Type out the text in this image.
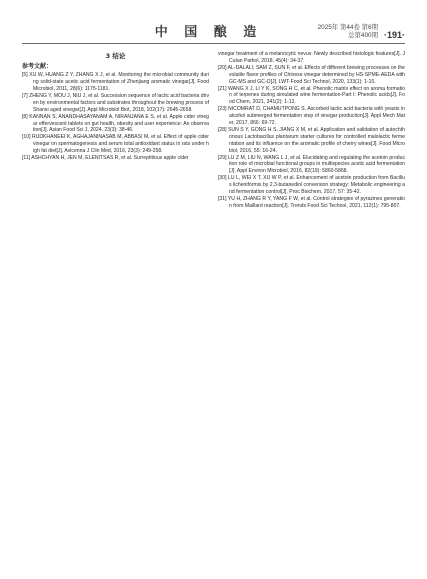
中 国 酿 造	2025年 第44卷 第6期
总第400期 ·191·

3 结论

参考文献：
[5] XU W, HUANG Z Y, ZHANG X J, et al. Monitoring the microbial community during solid-state acetic acid fermentation of Zhenjiang aromatic vinegar[J]. Food Microbiol, 2011, 28(6): 1175-1181.
[7] ZHENG Y, MOU J, NIU J, et al. Succession sequence of lactic acid bacteria driven by environmental factors and substrates throughout the brewing process of Shanxi aged vinegar[J]. Appl Microbiol Biot, 2018, 102(17): 2645-2658.
[8] KANNAN S, ANANDHASAYANAM A, NIRANJANA E S, et al. Apple cider vinegar effervescent tablets on gut health, obesity and user experience: An observation[J]. Asian Food Sci J, 2024, 23(3): 38-46.
[10] RUDKHANEEI K, AGHAJANINASAB M, ABBASI M, et al. Effect of apple cider vinegar on spermatogenesis and serum total antioxidant status in rats under high fat diet[J]. Avicenna J Clin Med, 2016, 23(3): 249-258.
[11] ASHCHYAN H, JEN M, ELENITSAS R, et al. Surreptitious apple cider
vinegar treatment of a melanocytic nevus: Newly described histologic features[J]. J Cutan Pathol, 2018, 45(4): 34-37.
[20] AL-DALALI, SAM Z, SUN F, et al. Effects of different brewing processes on the volatile flavor profiles of Chinese vinegar determined by HS-SPME-AEDA with GC-MS and GC-O[J]. LWT-Food Sci Technol, 2020, 133(1): 1-10.
[21] WANG X J, LI Y K, SONG H C, et al. Phenolic matrix effect on aroma formation of terpenes during simulated wine fermentation-Part I: Phenolic acids[J]. Food Chem, 2021, 341(2): 1-12.
[23] NICOMRAT D, CHAMUTPONG S. Ascorbed lactic acid bacteria with yeasts in alcohol submerged fermentation step of vinegar production[J]. Appl Mech Mater, 2017, 866: 69-72.
[28] SUN S Y, GONG H S, JIANG X M, et al. Application and validation of autochthonous Lactobacillus plantarum starter cultures for controlled malolactic fermentation and its influence on the aromatic profile of cherry wines[J]. Food Microbiol, 2016, 55: 16-24.
[29] LU Z M, LIU N, WANG L J, et al. Elucidating and regulating the acetoin production role of microbial functional groups in multispecies acetic acid fermentation[J]. Appl Environ Microbiol, 2016, 82(19): 5860-5868.
[30] LU L, WEI X T, XU W P, et al. Enhancement of acetoin production from Bacillus licheniformis by 2,3-butanediol conversion strategy: Metabolic engineering and fermentation control[J]. Proc Biochem, 2017, 57: 35-42.
[31] YU H, ZHANG R Y, YANG F W, et al. Control strategies of pyrazines generation from Maillard reaction[J]. Trends Food Sci Technol, 2021, 112(1): 795-807.
